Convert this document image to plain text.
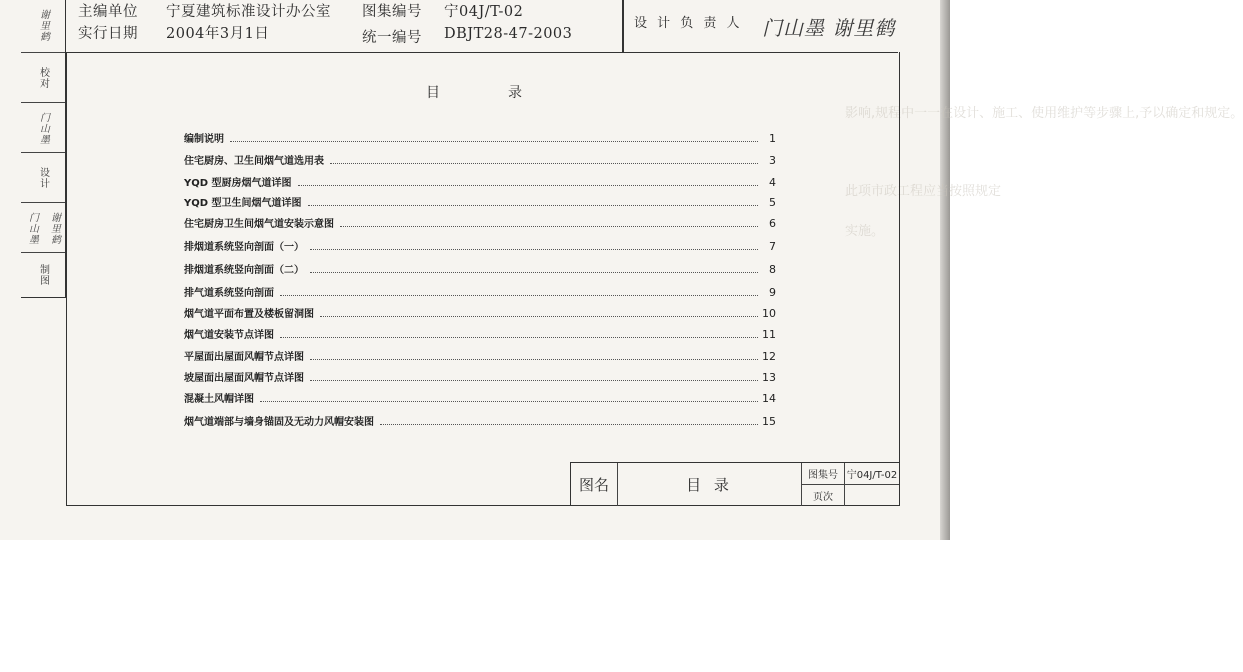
谢里鹤
校对
门山墨
设计
门山墨 谢里鹤
制图
主编单位 宁夏建筑标准设计办公室 图集编号 宁04J/T-02
实行日期 2004年3月1日	统一编号 DBJT28-47-2003
设 计 负 责 人 门山墨 谢里鹤
影响,规程中一一在设计、施工、使用维护等步骤上,予以确定和规定。
此项市政工程应当按照规定
实施。
目录
编制说明	1
住宅厨房、卫生间烟气道选用表	3
YQD 型厨房烟气道详图	4
YQD 型卫生间烟气道详图	5
住宅厨房卫生间烟气道安装示意图	6
排烟道系统竖向剖面（一）	7
排烟道系统竖向剖面（二）	8
排气道系统竖向剖面	9
烟气道平面布置及楼板留洞图	10
烟气道安装节点详图	11
平屋面出屋面风帽节点详图	12
坡屋面出屋面风帽节点详图	13
混凝土风帽详图	14
烟气道端部与墙身锚固及无动力风帽安装图	15
图名	目 录
图集号 宁04J/T-02
页次
